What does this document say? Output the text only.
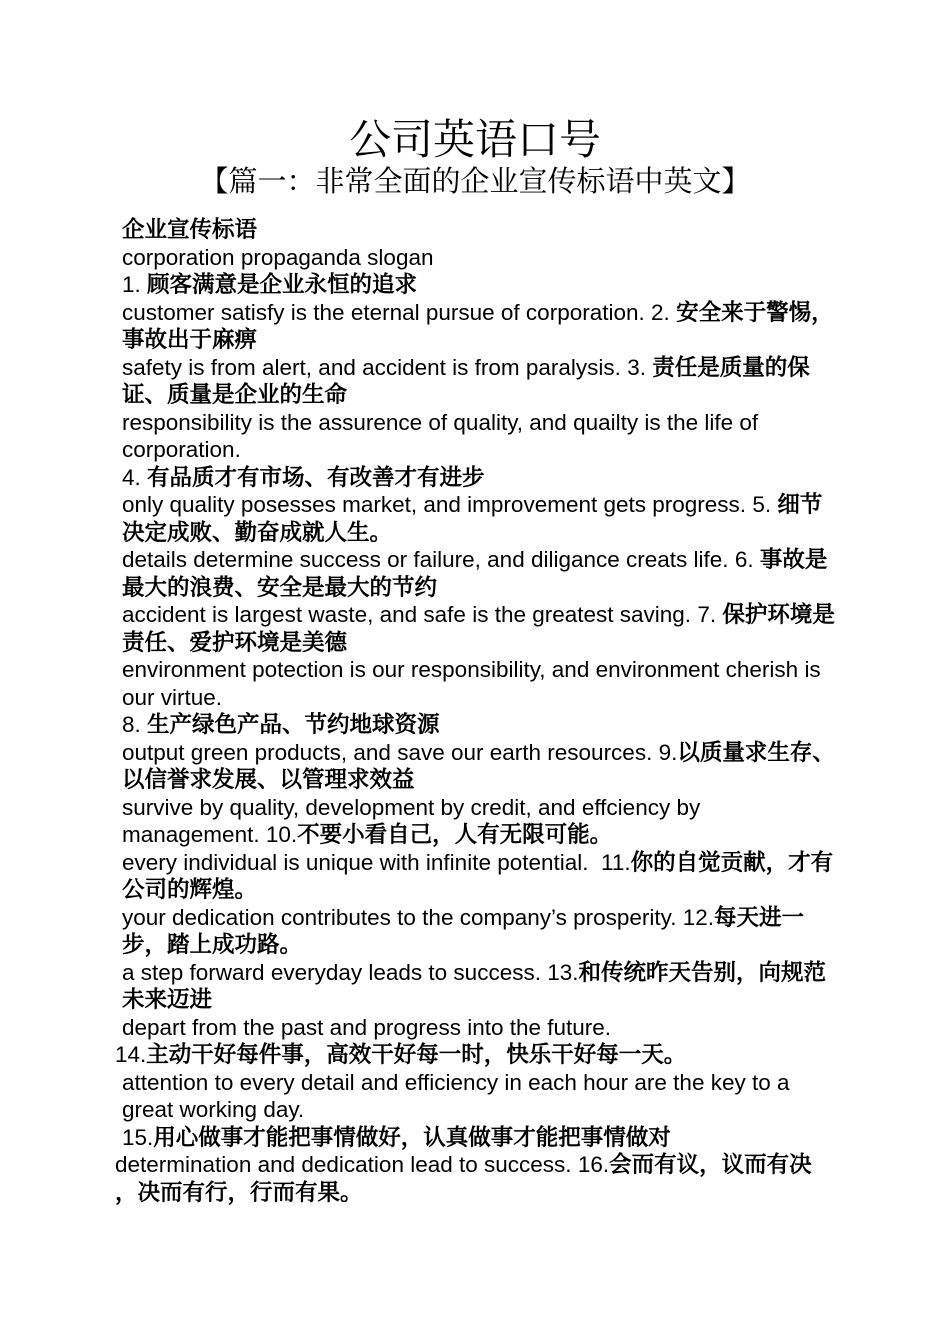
公司英语口号
【篇一：非常全面的企业宣传标语中英文】

企业宣传标语

corporation propaganda slogan

1. 顾客满意是企业永恒的追求

customer satisfy is the eternal pursue of corporation. 2. 安全来于警惕，事故出于麻痹

safety is from alert, and accident is from paralysis. 3. 责任是质量的保证、质量是企业的生命

responsibility is the assurence of quality, and quailty is the life of corporation.

4. 有品质才有市场、有改善才有进步

only quality posesses market, and improvement gets progress. 5. 细节决定成败、勤奋成就人生。

details determine success or failure, and diligance creats life. 6. 事故是最大的浪费、安全是最大的节约

accident is largest waste, and safe is the greatest saving. 7. 保护环境是责任、爱护环境是美德

environment potection is our responsibility, and environment cherish is our virtue.

8. 生产绿色产品、节约地球资源

output green products, and save our earth resources. 9.以质量求生存、以信誉求发展、以管理求效益

survive by quality, development by credit, and effciency by management. 10.不要小看自己，人有无限可能。

every individual is unique with infinite potential. 11.你的自觉贡献，才有公司的辉煌。

your dedication contributes to the company’s prosperity. 12.每天进一步，踏上成功路。

a step forward everyday leads to success. 13.和传统昨天告别，向规范未来迈进

depart from the past and progress into the future.

14.主动干好每件事，高效干好每一时，快乐干好每一天。

attention to every detail and efficiency in each hour are the key to a great working day.

15.用心做事才能把事情做好，认真做事才能把事情做对

determination and dedication lead to success. 16.会而有议，议而有决 ，决而有行，行而有果。
